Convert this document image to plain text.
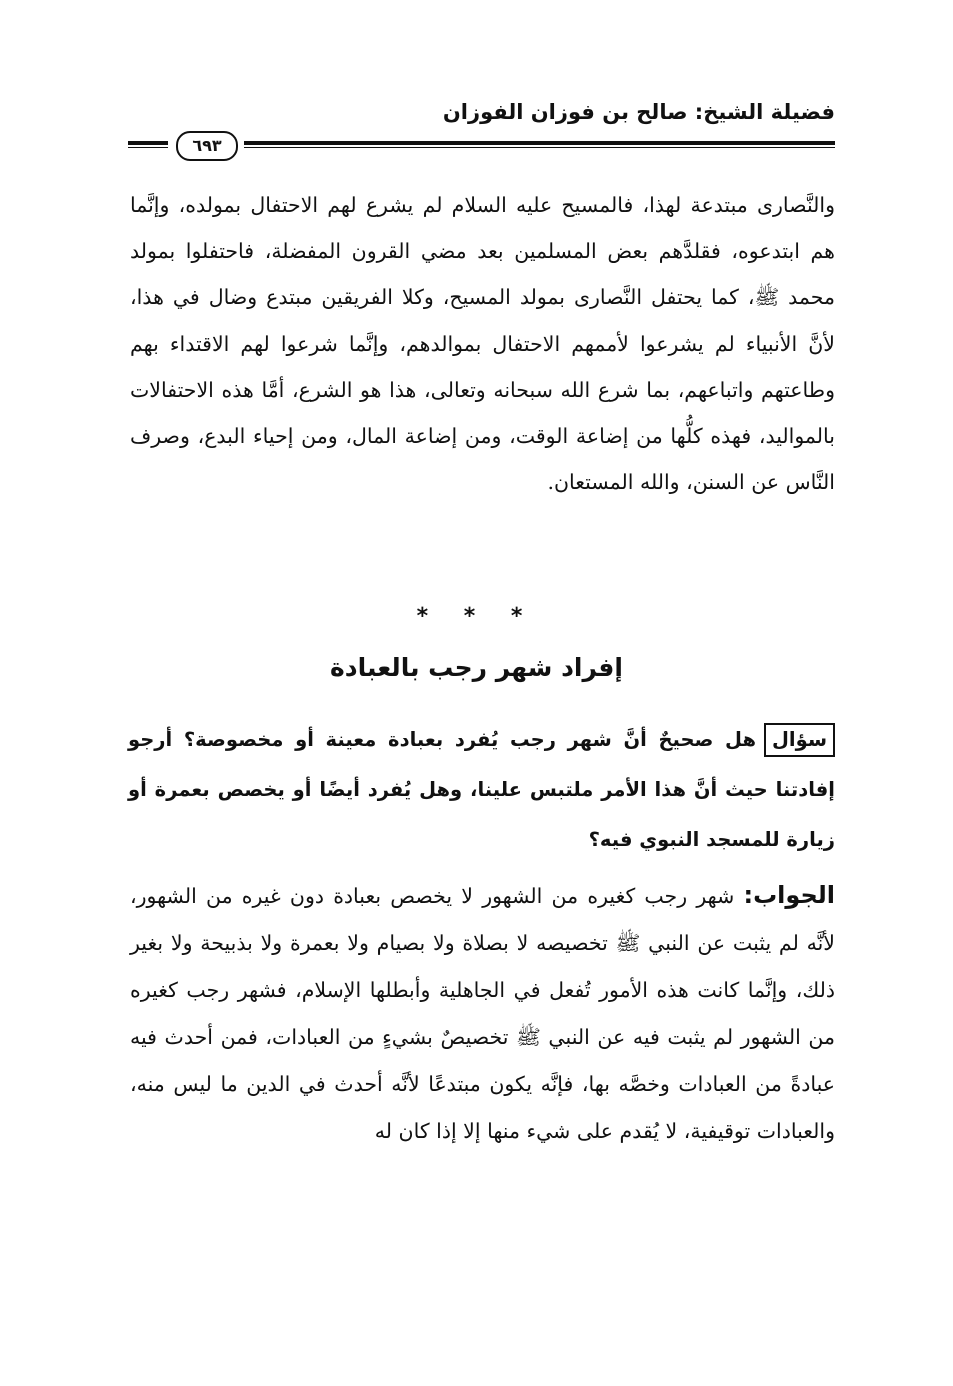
فضيلة الشيخ: صالح بن فوزان الفوزان
٦٩٣
والنَّصارى مبتدعة لهذا، فالمسيح عليه السلام لم يشرع لهم الاحتفال بمولده، وإنَّما هم ابتدعوه، فقلدَّهم بعض المسلمين بعد مضي القرون المفضلة، فاحتفلوا بمولد محمد ﷺ، كما يحتفل النَّصارى بمولد المسيح، وكلا الفريقين مبتدع وضال في هذا، لأنَّ الأنبياء لم يشرعوا لأممهم الاحتفال بموالدهم، وإنَّما شرعوا لهم الاقتداء بهم وطاعتهم واتباعهم، بما شرع الله سبحانه وتعالى، هذا هو الشرع، أمَّا هذه الاحتفالات بالمواليد، فهذه كلُّها من إضاعة الوقت، ومن إضاعة المال، ومن إحياء البدع، وصرف النَّاس عن السنن، والله المستعان.
* * *
إفراد شهر رجب بالعبادة
سؤالهل صحيحٌ أنَّ شهر رجب يُفرد بعبادة معينة أو مخصوصة؟ أرجو إفادتنا حيث أنَّ هذا الأمر ملتبس علينا، وهل يُفرد أيضًا أو يخصص بعمرة أو زيارة للمسجد النبوي فيه؟
الجواب: شهر رجب كغيره من الشهور لا يخصص بعبادة دون غيره من الشهور، لأنَّه لم يثبت عن النبي ﷺ تخصيصه لا بصلاة ولا بصيام ولا بعمرة ولا بذبيحة ولا بغير ذلك، وإنَّما كانت هذه الأمور تُفعل في الجاهلية وأبطلها الإسلام، فشهر رجب كغيره من الشهور لم يثبت فيه عن النبي ﷺ تخصيصٌ بشيءٍ من العبادات، فمن أحدث فيه عبادةً من العبادات وخصَّه بها، فإنَّه يكون مبتدعًا لأنَّه أحدث في الدين ما ليس منه، والعبادات توقيفية، لا يُقدم على شيء منها إلا إذا كان له
